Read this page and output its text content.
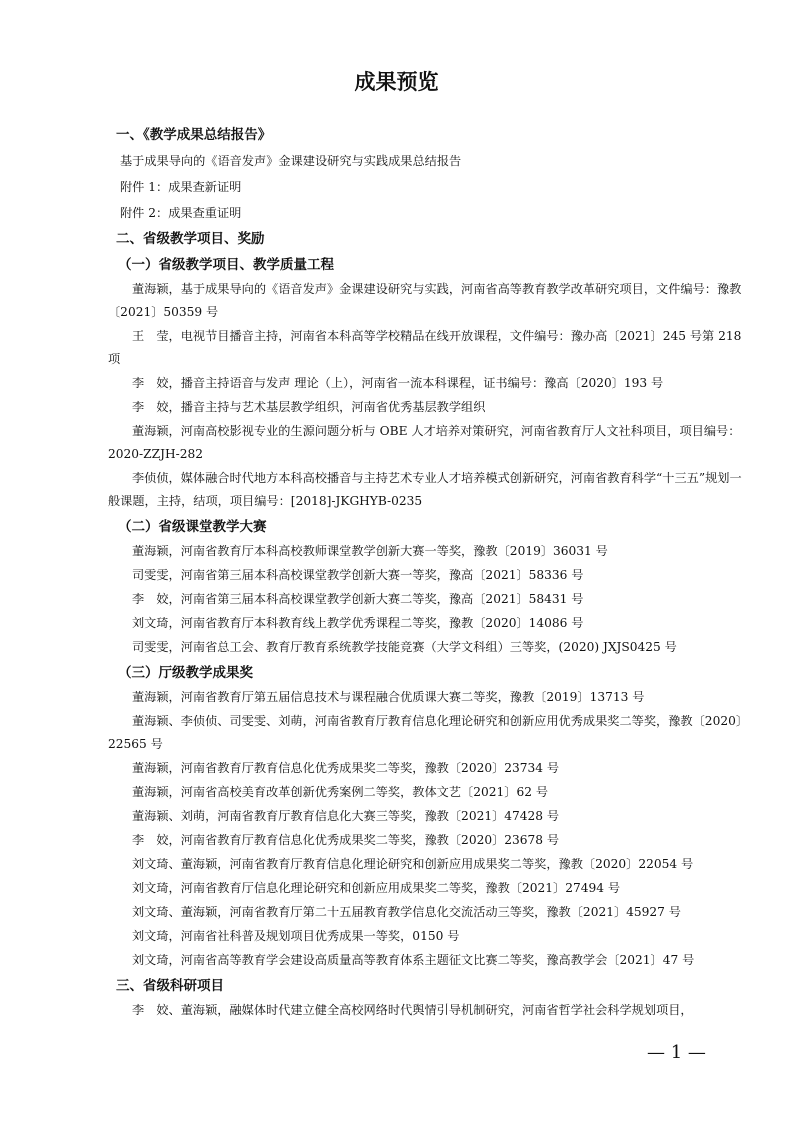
成果预览
一、《教学成果总结报告》
基于成果导向的《语音发声》金课建设研究与实践成果总结报告
附件 1：成果查新证明
附件 2：成果查重证明
二、省级教学项目、奖励
（一）省级教学项目、教学质量工程
董海颖，基于成果导向的《语音发声》金课建设研究与实践，河南省高等教育教学改革研究项目，文件编号：豫教〔2021〕50359 号
王　莹，电视节目播音主持，河南省本科高等学校精品在线开放课程，文件编号：豫办高〔2021〕245 号第 218 项
李　姣，播音主持语音与发声 理论（上），河南省一流本科课程，证书编号：豫高〔2020〕193 号
李　姣，播音主持与艺术基层教学组织，河南省优秀基层教学组织
董海颖，河南高校影视专业的生源问题分析与 OBE 人才培养对策研究，河南省教育厅人文社科项目，项目编号：2020-ZZJH-282
李侦侦，媒体融合时代地方本科高校播音与主持艺术专业人才培养模式创新研究，河南省教育科学“十三五”规划一般课题，主持，结项，项目编号：[2018]-JKGHYB-0235
（二）省级课堂教学大赛
董海颖，河南省教育厅本科高校教师课堂教学创新大赛一等奖，豫教〔2019〕36031 号
司雯雯，河南省第三届本科高校课堂教学创新大赛一等奖，豫高〔2021〕58336 号
李　姣，河南省第三届本科高校课堂教学创新大赛二等奖，豫高〔2021〕58431 号
刘文琦，河南省教育厅本科教育线上教学优秀课程二等奖，豫教〔2020〕14086 号
司雯雯，河南省总工会、教育厅教育系统教学技能竞赛（大学文科组）三等奖，(2020) JXJS0425 号
（三）厅级教学成果奖
董海颖，河南省教育厅第五届信息技术与课程融合优质课大赛二等奖，豫教〔2019〕13713 号
董海颖、李侦侦、司雯雯、刘萌，河南省教育厅教育信息化理论研究和创新应用优秀成果奖二等奖，豫教〔2020〕22565 号
董海颖，河南省教育厅教育信息化优秀成果奖二等奖，豫教〔2020〕23734 号
董海颖，河南省高校美育改革创新优秀案例二等奖，教体文艺〔2021〕62 号
董海颖、刘萌，河南省教育厅教育信息化大赛三等奖，豫教〔2021〕47428 号
李　姣，河南省教育厅教育信息化优秀成果奖二等奖，豫教〔2020〕23678 号
刘文琦、董海颖，河南省教育厅教育信息化理论研究和创新应用成果奖二等奖，豫教〔2020〕22054 号
刘文琦，河南省教育厅信息化理论研究和创新应用成果奖二等奖，豫教〔2021〕27494 号
刘文琦、董海颖，河南省教育厅第二十五届教育教学信息化交流活动三等奖，豫教〔2021〕45927 号
刘文琦，河南省社科普及规划项目优秀成果一等奖，0150 号
刘文琦，河南省高等教育学会建设高质量高等教育体系主题征文比赛二等奖，豫高教学会〔2021〕47 号
三、省级科研项目
李　姣、董海颖，融媒体时代建立健全高校网络时代舆情引导机制研究，河南省哲学社会科学规划项目，
— 1 —
